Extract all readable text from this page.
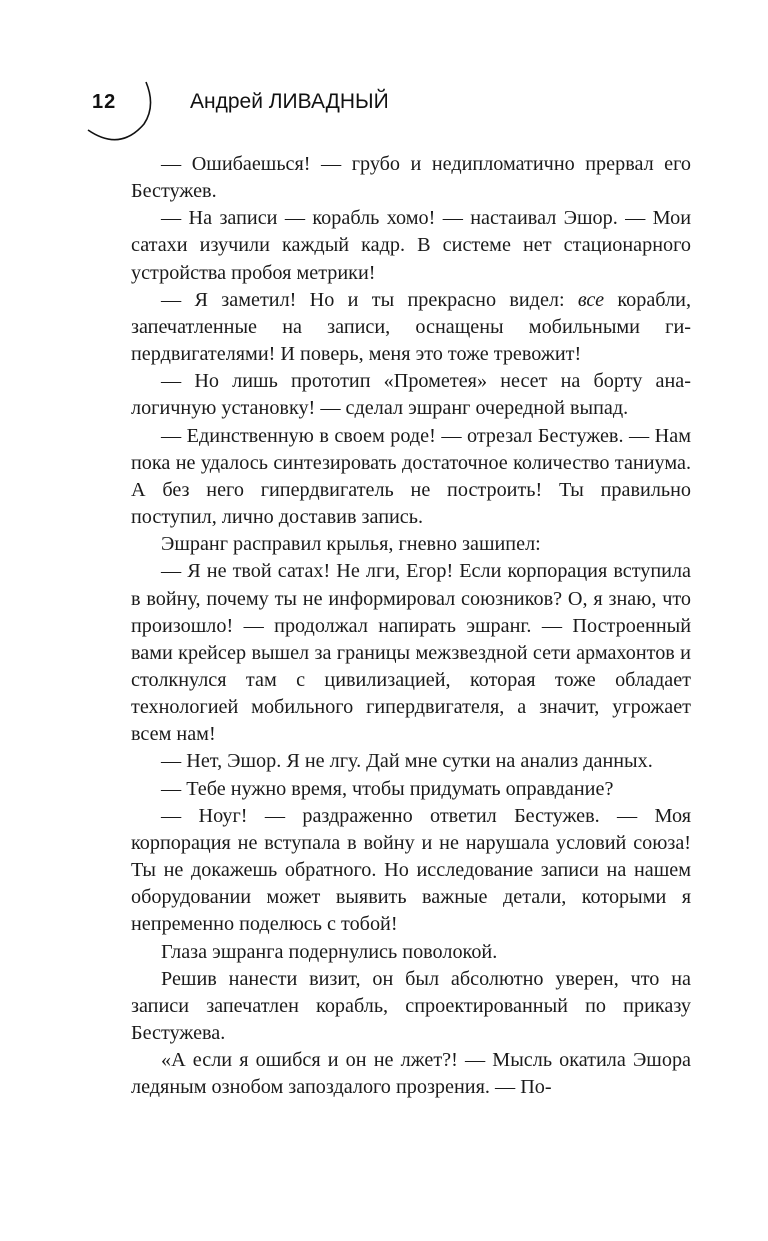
12	Андрей ЛИВАДНЫЙ

— Ошибаешься! — грубо и недипломатично прервал его Бестужев.

— На записи — корабль хомо! — настаивал Эшор. — Мои сатахи изучили каждый кадр. В системе нет стационарного устройства пробоя метрики!

— Я заметил! Но и ты прекрасно видел: все корабли, запечатленные на записи, оснащены мобильными гипердвигателями! И поверь, меня это тоже тревожит!

— Но лишь прототип «Прометея» несет на борту аналогичную установку! — сделал эшранг очередной выпад.

— Единственную в своем роде! — отрезал Бестужев. — Нам пока не удалось синтезировать достаточное количество таниума. А без него гипердвигатель не построить! Ты правильно поступил, лично доставив запись.

Эшранг расправил крылья, гневно зашипел:

— Я не твой сатах! Не лги, Егор! Если корпорация вступила в войну, почему ты не информировал союзников? О, я знаю, что произошло! — продолжал напирать эшранг. — Построенный вами крейсер вышел за границы межзвездной сети армахонтов и столкнулся там с цивилизацией, которая тоже обладает технологией мобильного гипердвигателя, а значит, угрожает всем нам!

— Нет, Эшор. Я не лгу. Дай мне сутки на анализ данных.

— Тебе нужно время, чтобы придумать оправдание?

— Ноуг! — раздраженно ответил Бестужев. — Моя корпорация не вступала в войну и не нарушала условий союза! Ты не докажешь обратного. Но исследование записи на нашем оборудовании может выявить важные детали, которыми я непременно поделюсь с тобой!

Глаза эшранга подернулись поволокой.

Решив нанести визит, он был абсолютно уверен, что на записи запечатлен корабль, спроектированный по приказу Бестужева.

«А если я ошибся и он не лжет?! — Мысль окатила Эшора ледяным ознобом запоздалого прозрения. — По-
